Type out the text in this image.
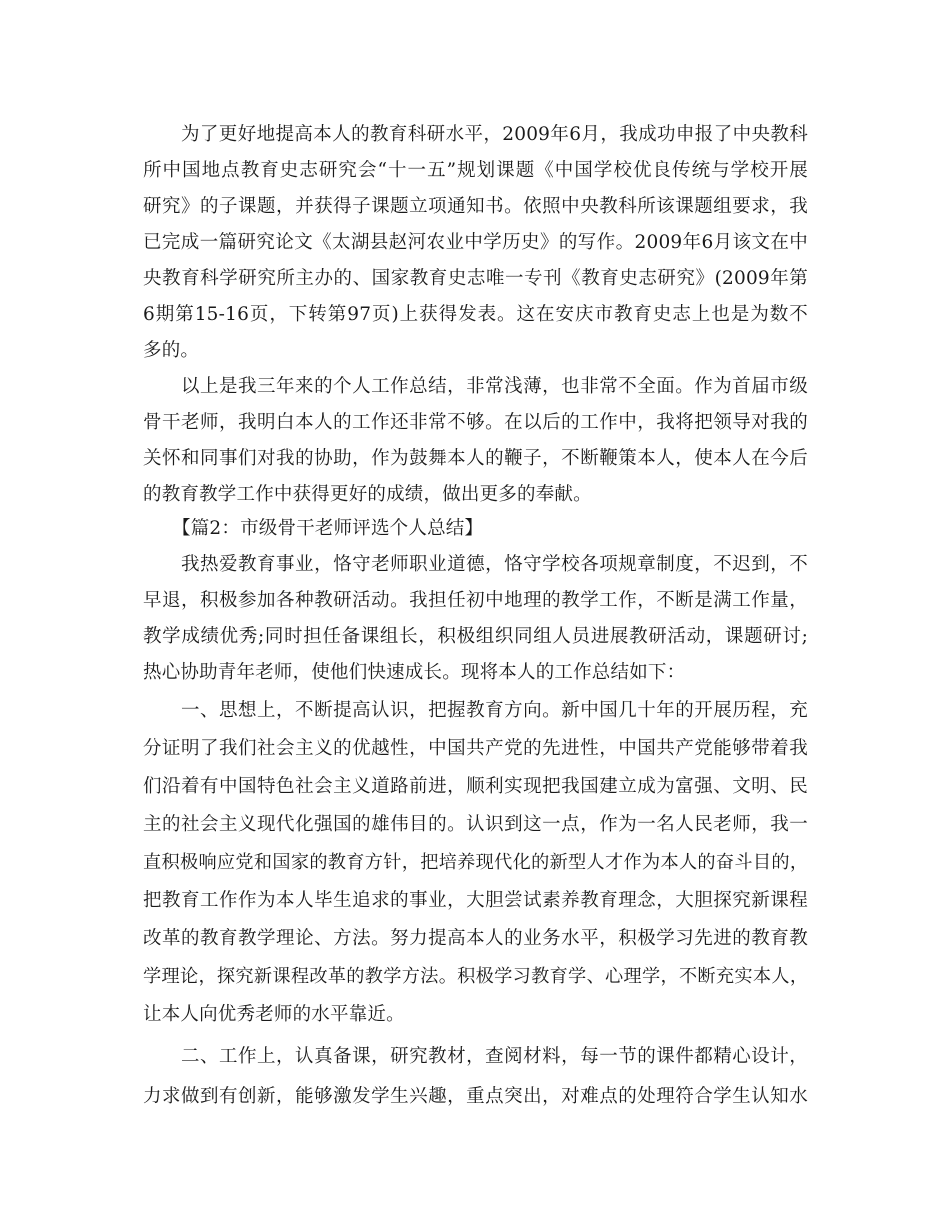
为了更好地提高本人的教育科研水平，2009年6月，我成功申报了中央教科
所中国地点教育史志研究会“十一五”规划课题《中国学校优良传统与学校开展
研究》的子课题，并获得子课题立项通知书。依照中央教科所该课题组要求，我
已完成一篇研究论文《太湖县赵河农业中学历史》的写作。2009年6月该文在中
央教育科学研究所主办的、国家教育史志唯一专刊《教育史志研究》(2009年第
6期第15-16页，下转第97页)上获得发表。这在安庆市教育史志上也是为数不
多的。
以上是我三年来的个人工作总结，非常浅薄，也非常不全面。作为首届市级
骨干老师，我明白本人的工作还非常不够。在以后的工作中，我将把领导对我的
关怀和同事们对我的协助，作为鼓舞本人的鞭子，不断鞭策本人，使本人在今后
的教育教学工作中获得更好的成绩，做出更多的奉献。
【篇2：市级骨干老师评选个人总结】
我热爱教育事业，恪守老师职业道德，恪守学校各项规章制度，不迟到，不
早退，积极参加各种教研活动。我担任初中地理的教学工作，不断是满工作量，
教学成绩优秀;同时担任备课组长，积极组织同组人员进展教研活动，课题研讨;
热心协助青年老师，使他们快速成长。现将本人的工作总结如下：
一、思想上，不断提高认识，把握教育方向。新中国几十年的开展历程，充
分证明了我们社会主义的优越性，中国共产党的先进性，中国共产党能够带着我
们沿着有中国特色社会主义道路前进，顺利实现把我国建立成为富强、文明、民
主的社会主义现代化强国的雄伟目的。认识到这一点，作为一名人民老师，我一
直积极响应党和国家的教育方针，把培养现代化的新型人才作为本人的奋斗目的，
把教育工作作为本人毕生追求的事业，大胆尝试素养教育理念，大胆探究新课程
改革的教育教学理论、方法。努力提高本人的业务水平，积极学习先进的教育教
学理论，探究新课程改革的教学方法。积极学习教育学、心理学，不断充实本人，
让本人向优秀老师的水平靠近。
二、工作上，认真备课，研究教材，查阅材料，每一节的课件都精心设计，
力求做到有创新，能够激发学生兴趣，重点突出，对难点的处理符合学生认知水
